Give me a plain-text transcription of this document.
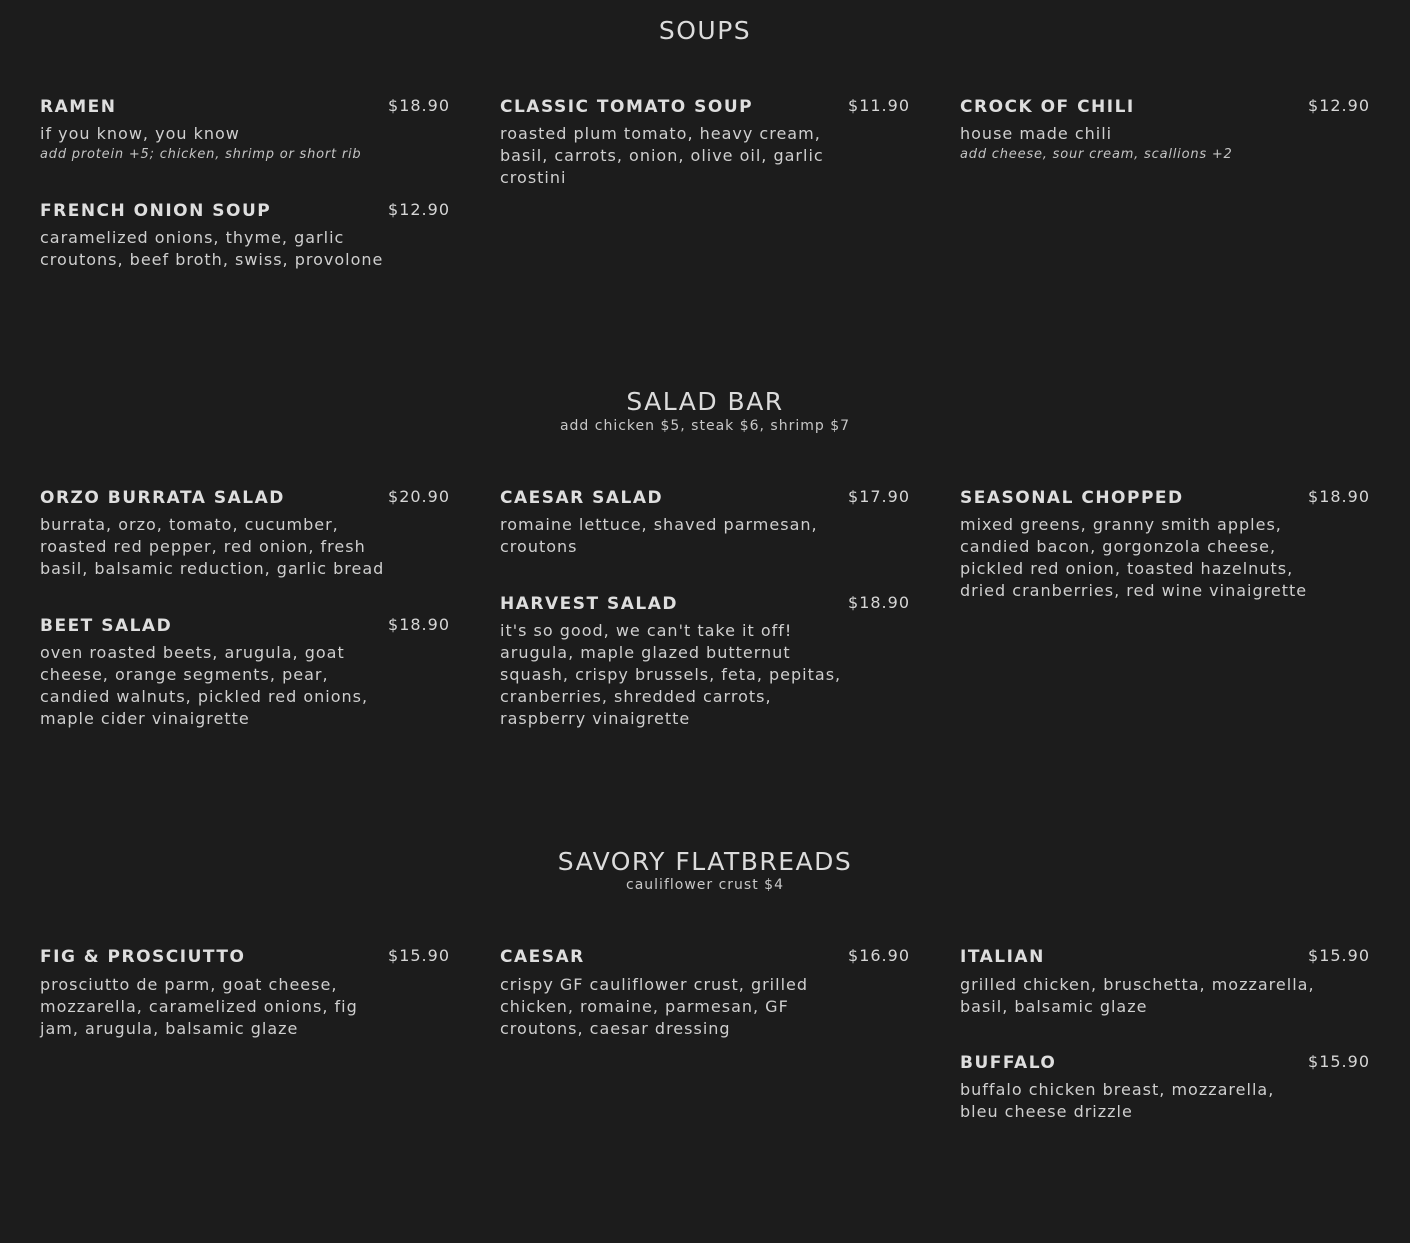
SOUPS
RAMEN	$18.90
if you know, you know
add protein +5; chicken, shrimp or short rib
CLASSIC TOMATO SOUP	$11.90
roasted plum tomato, heavy cream, basil, carrots, onion, olive oil, garlic crostini
CROCK OF CHILI	$12.90
house made chili
add cheese, sour cream, scallions +2
FRENCH ONION SOUP	$12.90
caramelized onions, thyme, garlic croutons, beef broth, swiss, provolone
SALAD BAR
add chicken $5, steak $6, shrimp $7
ORZO BURRATA SALAD	$20.90
burrata, orzo, tomato, cucumber, roasted red pepper, red onion, fresh basil, balsamic reduction, garlic bread
CAESAR SALAD	$17.90
romaine lettuce, shaved parmesan, croutons
SEASONAL CHOPPED	$18.90
mixed greens, granny smith apples, candied bacon, gorgonzola cheese, pickled red onion, toasted hazelnuts, dried cranberries, red wine vinaigrette
BEET SALAD	$18.90
oven roasted beets, arugula, goat cheese, orange segments, pear, candied walnuts, pickled red onions, maple cider vinaigrette
HARVEST SALAD	$18.90
it's so good, we can't take it off! arugula, maple glazed butternut squash, crispy brussels, feta, pepitas, cranberries, shredded carrots, raspberry vinaigrette
SAVORY FLATBREADS
cauliflower crust $4
FIG & PROSCIUTTO	$15.90
prosciutto de parm, goat cheese, mozzarella, caramelized onions, fig jam, arugula, balsamic glaze
CAESAR	$16.90
crispy GF cauliflower crust, grilled chicken, romaine, parmesan, GF croutons, caesar dressing
ITALIAN	$15.90
grilled chicken, bruschetta, mozzarella, basil, balsamic glaze
BUFFALO	$15.90
buffalo chicken breast, mozzarella, bleu cheese drizzle
